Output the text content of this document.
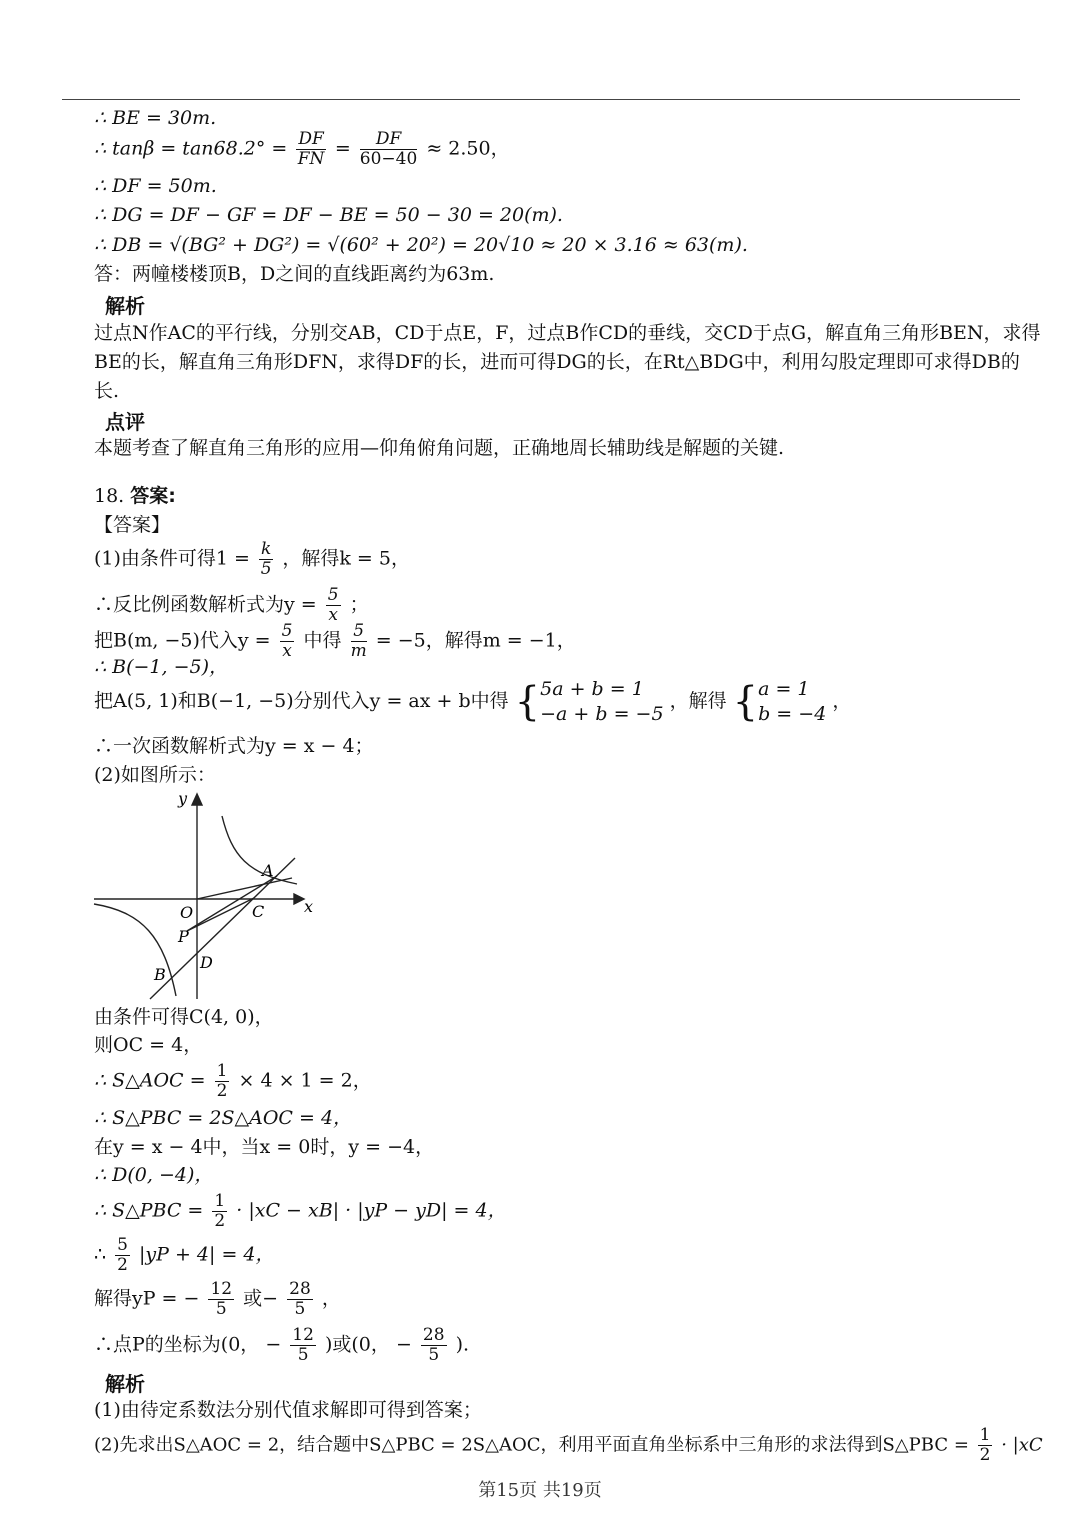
∴ BE = 30m.
∴ $\tan\beta = \tan 68.2^\circ = \frac{DF}{FN} = \frac{DF}{60-40} \approx 2.50$，
∴ DF = 50m.
∴ DG = DF − GF = DF − BE = 50 − 30 = 20(m).
∴ DB = √(BG² + DG²) = √(60² + 20²) = 20√10 ≈ 20 × 3.16 ≈ 63(m).
答：两幢楼楼顶B，D之间的直线距离约为63m.
解析
过点N作AC的平行线，分别交AB，CD于点E，F，过点B作CD的垂线，交CD于点G，解直角三角形BEN，求得BE的长，解直角三角形DFN，求得DF的长，进而可得DG的长，在Rt△BDG中，利用勾股定理即可求得DB的长.
点评
本题考查了解直角三角形的应用—仰角俯角问题，正确地周长辅助线是解题的关键.
18. 答案:
【答案】
(1)由条件可得$1 = \frac{k}{5}$ ，解得k = 5，
∴反比例函数解析式为$y = \frac{5}{x}$ ；
把B(m, −5)代入$y = \frac{5}{x}$ 中得 $\frac{5}{m} = -5$，解得m = −1，
∴ B(−1, −5)，
把A(5, 1)和B(−1, −5)分别代入y = ax + b中得 { 5a + b = 1
−a + b = −5
，解得 { a = 1
b = −4
，
∴一次函数解析式为y = x − 4；
(2)如图所示：
y
x
O
A
C
P
B
D
由条件可得C(4, 0)，
则OC = 4，
∴ S△AOC = $\frac{1}{2} \times 4 \times 1 = 2$，
∴ S△PBC = 2S△AOC = 4，
在y = x − 4中，当x = 0时，y = −4，
∴ D(0, −4)，
∴ S△PBC = $\frac{1}{2} \cdot |xC - xB| \cdot |yP - yD| = 4$，
∴ $\frac{5}{2} |yP + 4| = 4$，
解得yP = − $\frac{12}{5}$ 或− $\frac{28}{5}$ ，
∴点P的坐标为(0， − $\frac{12}{5}$ )或(0， − $\frac{28}{5}$ ).
解析
(1)由待定系数法分别代值求解即可得到答案；
(2)先求出S△AOC = 2，结合题中S△PBC = 2S△AOC，利用平面直角坐标系中三角形的求法得到S△PBC = $\frac{1}{2} \cdot |xC$
第15页 共19页
